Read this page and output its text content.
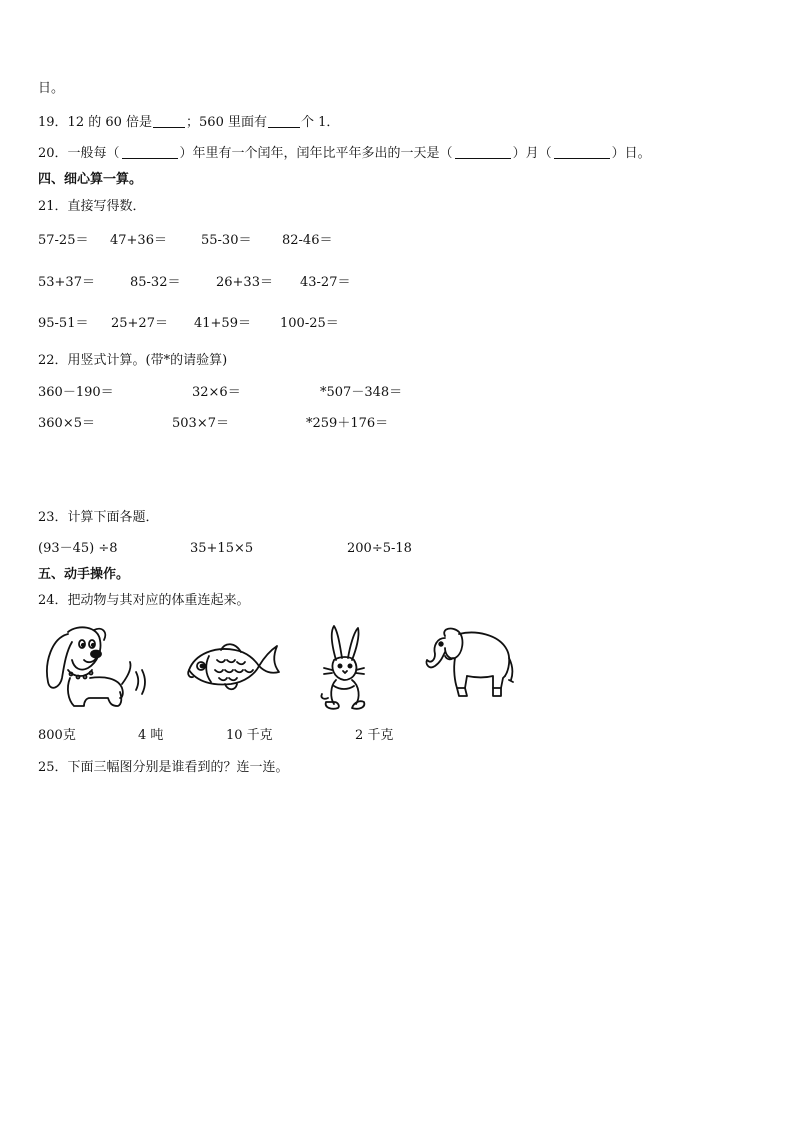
日。
19．12 的 60 倍是	；560 里面有	个 1．
20．一般每（	）年里有一个闰年，闰年比平年多出的一天是（	）月（	）日。
四、细心算一算。
21．直接写得数．
57-25＝ 47+36＝	55-30＝ 82-46＝
53+37＝	85-32＝	26+33＝ 43-27＝
95-51＝ 25+27＝ 41+59＝ 100-25＝
22．用竖式计算。(带*的请验算)
360－190＝	32×6＝	*507－348＝
360×5＝	503×7＝	*259＋176＝
23．计算下面各题．
(93－45) ÷8	35+15×5	200÷5-18
五、动手操作。
24．把动物与其对应的体重连起来。
800克	4 吨	10 千克	2 千克
25．下面三幅图分别是谁看到的？连一连。
